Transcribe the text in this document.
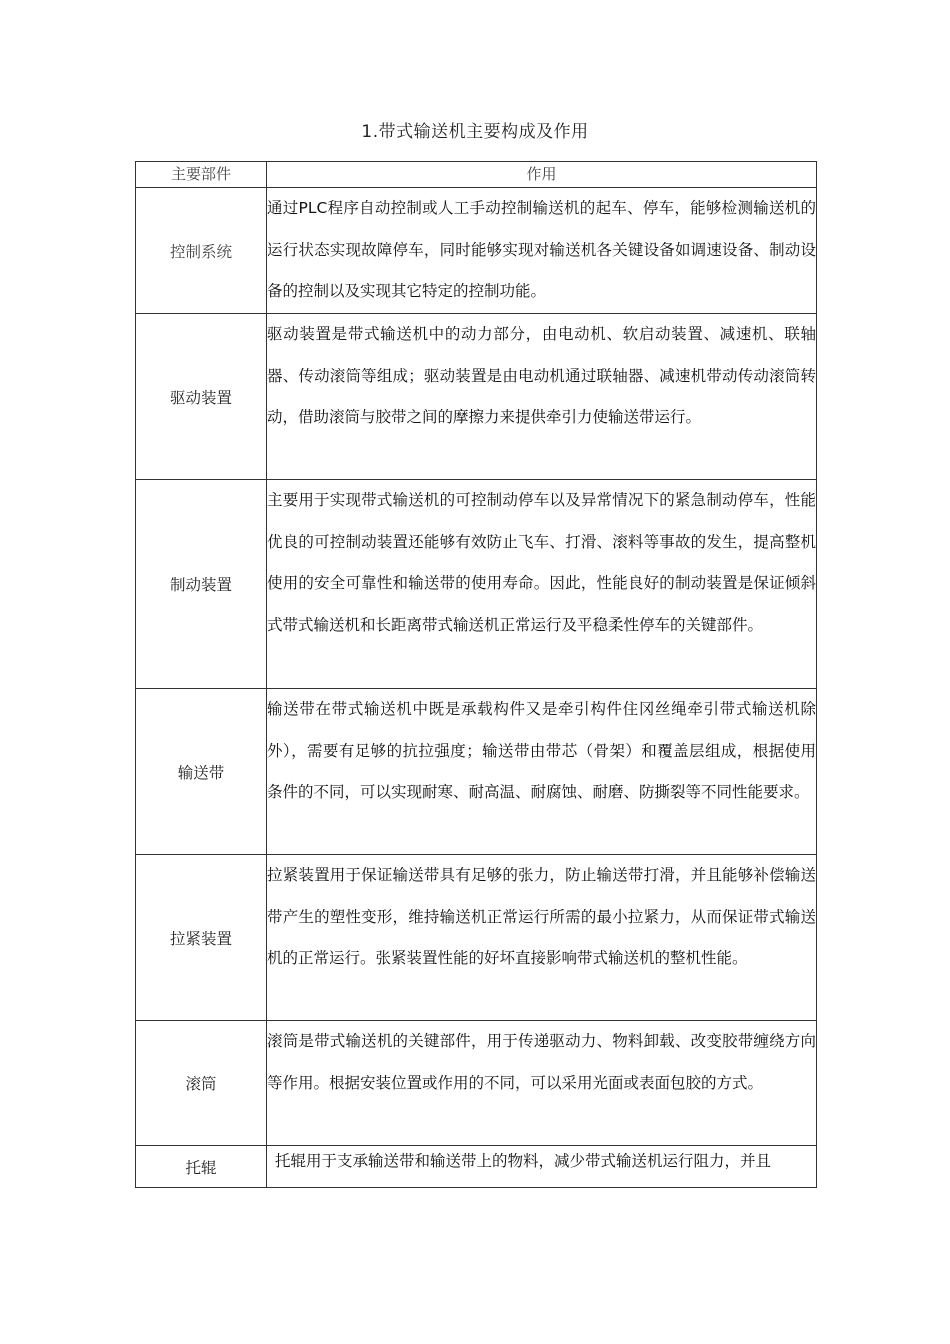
1.带式输送机主要构成及作用
主要部件	作用
控制系统	通过PLC程序自动控制或人工手动控制输送机的起车、停车，能够检测输送机的运行状态实现故障停车，同时能够实现对输送机各关键设备如调速设备、制动设备的控制以及实现其它特定的控制功能。
驱动装置	驱动装置是带式输送机中的动力部分，由电动机、软启动装置、减速机、联轴器、传动滚筒等组成；驱动装置是由电动机通过联轴器、减速机带动传动滚筒转动，借助滚筒与胶带之间的摩擦力来提供牵引力使输送带运行。
制动装置	主要用于实现带式输送机的可控制动停车以及异常情况下的紧急制动停车，性能优良的可控制动装置还能够有效防止飞车、打滑、滚料等事故的发生，提高整机使用的安全可靠性和输送带的使用寿命。因此，性能良好的制动装置是保证倾斜式带式输送机和长距离带式输送机正常运行及平稳柔性停车的关键部件。
输送带	输送带在带式输送机中既是承载构件又是牵引构件住冈丝绳牵引带式输送机除外），需要有足够的抗拉强度；输送带由带芯（骨架）和覆盖层组成，根据使用条件的不同，可以实现耐寒、耐高温、耐腐蚀、耐磨、防撕裂等不同性能要求。
拉紧装置	拉紧装置用于保证输送带具有足够的张力，防止输送带打滑，并且能够补偿输送带产生的塑性变形，维持输送机正常运行所需的最小拉紧力，从而保证带式输送机的正常运行。张紧装置性能的好坏直接影响带式输送机的整机性能。
滚筒	滚筒是带式输送机的关键部件，用于传递驱动力、物料卸载、改变胶带缠绕方向等作用。根据安装位置或作用的不同，可以采用光面或表面包胶的方式。
托辊	托辊用于支承输送带和输送带上的物料，减少带式输送机运行阻力，并且
